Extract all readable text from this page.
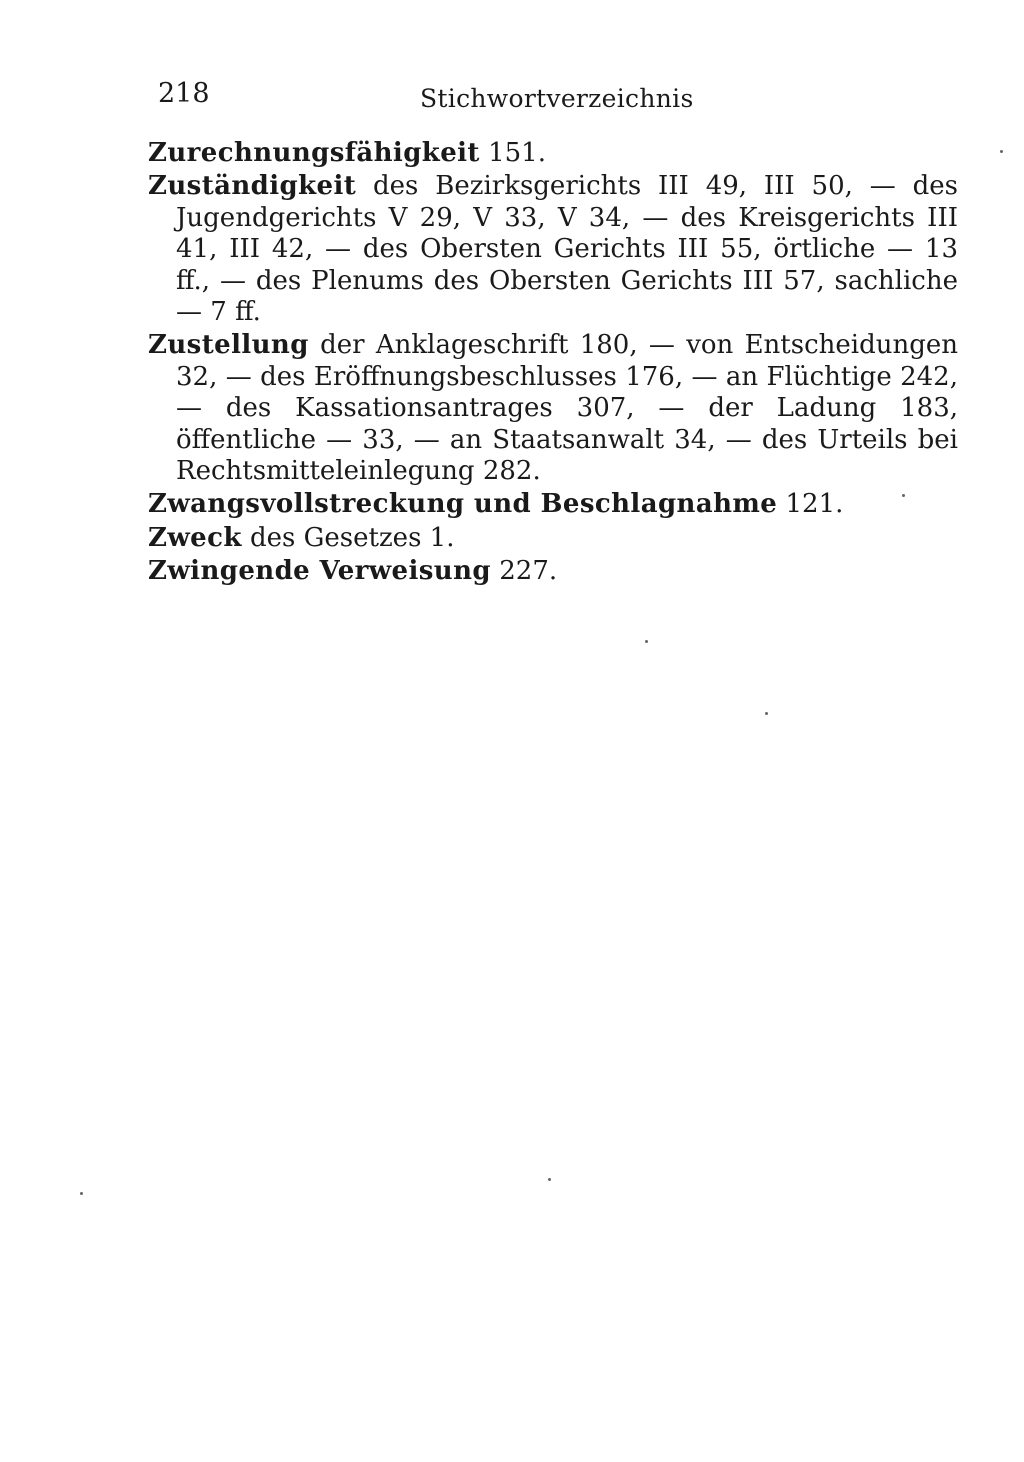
218	Stichwortverzeichnis

Zurechnungsfähigkeit 151.

Zuständigkeit des Bezirksgerichts III 49, III 50, — des Jugendgerichts V 29, V 33, V 34, — des Kreisgerichts III 41, III 42, — des Obersten Gerichts III 55, örtliche — 13 ff., — des Plenums des Obersten Gerichts III 57, sachliche — 7 ff.

Zustellung der Anklageschrift 180, — von Entscheidungen 32, — des Eröffnungsbeschlusses 176, — an Flüchtige 242, — des Kassationsantrages 307, — der Ladung 183, öffentliche — 33, — an Staatsanwalt 34, — des Urteils bei Rechtsmitteleinlegung 282.

Zwangsvollstreckung und Beschlagnahme 121.

Zweck des Gesetzes 1.

Zwingende Verweisung 227.
